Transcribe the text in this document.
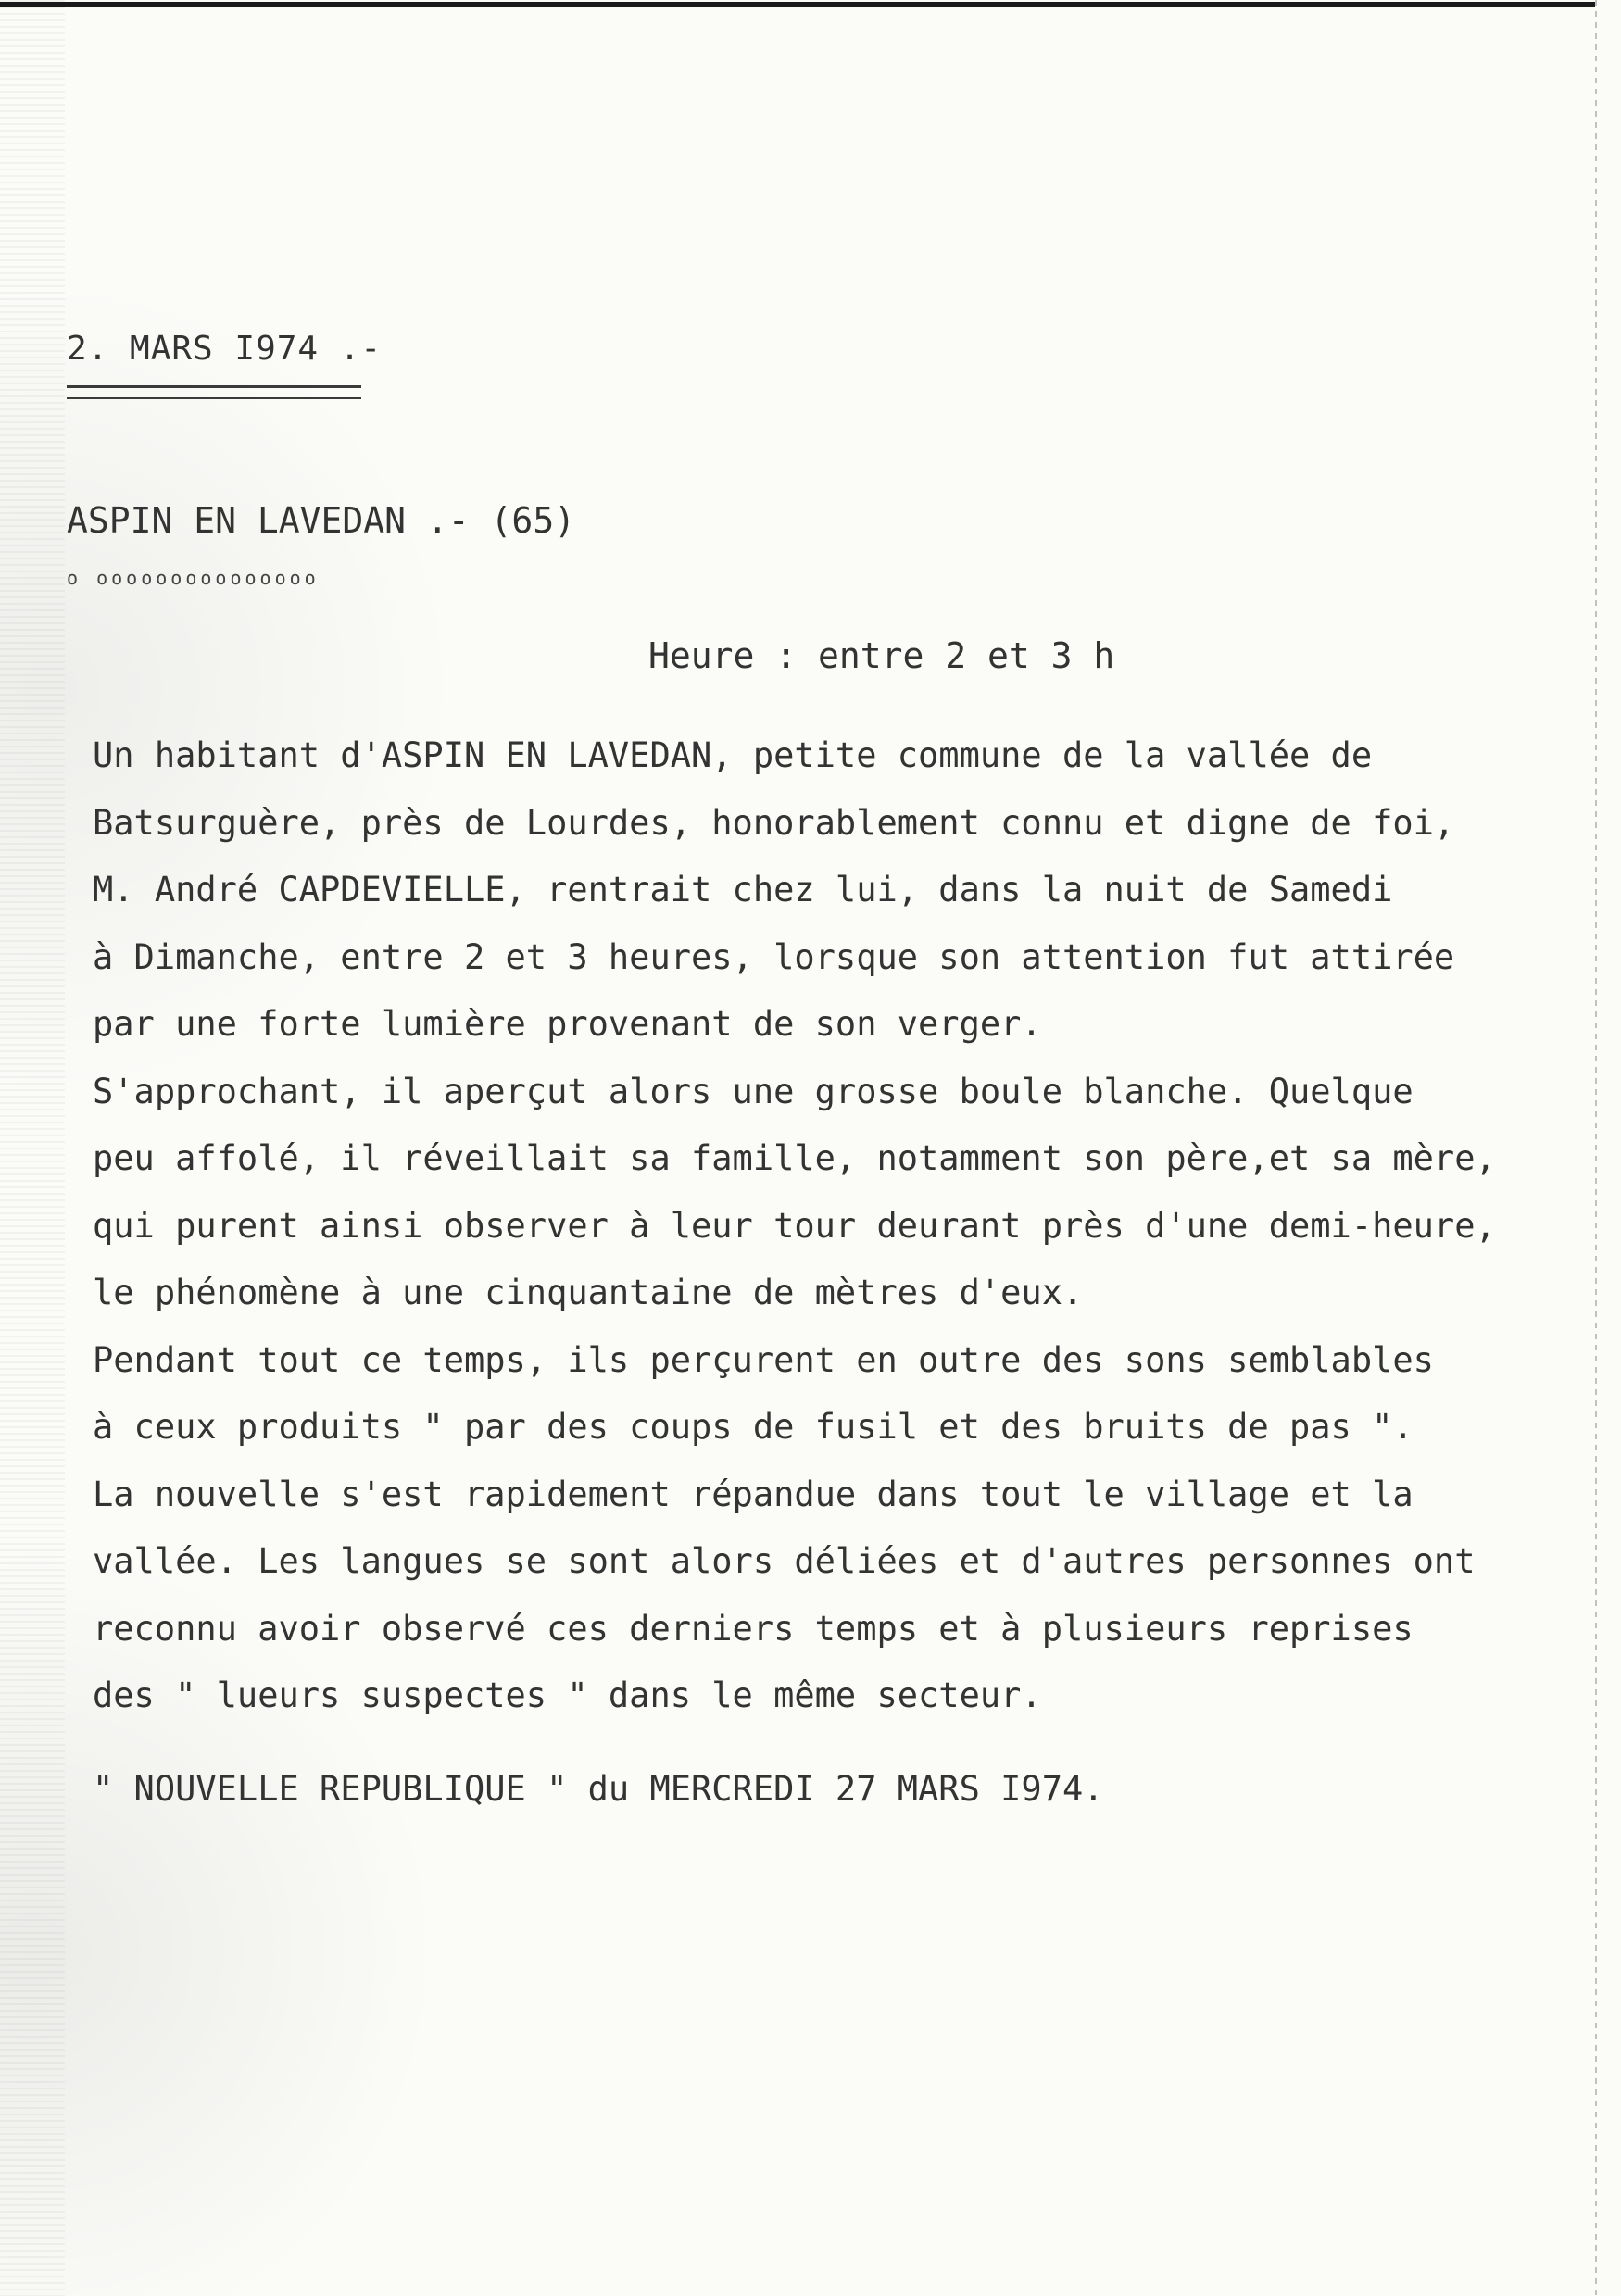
2. MARS I974 .-
ASPIN EN LAVEDAN .- (65)
o ooooooooooooooo
Heure : entre 2 et 3 h
Un habitant d'ASPIN EN LAVEDAN, petite commune de la vallée de
Batsurguère, près de Lourdes, honorablement connu et digne de foi,
M. André CAPDEVIELLE, rentrait chez lui, dans la nuit de Samedi
à Dimanche, entre 2 et 3 heures, lorsque son attention fut attirée
par une forte lumière provenant de son verger.
S'approchant, il aperçut alors une grosse boule blanche. Quelque
peu affolé, il réveillait sa famille, notamment son père,et sa mère,
qui purent ainsi observer à leur tour deurant près d'une demi-heure,
le phénomène à une cinquantaine de mètres d'eux.
Pendant tout ce temps, ils perçurent en outre des sons semblables
à ceux produits " par des coups de fusil et des bruits de pas ".
La nouvelle s'est rapidement répandue dans tout le village et la
vallée. Les langues se sont alors déliées et d'autres personnes ont
reconnu avoir observé ces derniers temps et à plusieurs reprises
des " lueurs suspectes " dans le même secteur.
" NOUVELLE REPUBLIQUE " du MERCREDI 27 MARS I974.
